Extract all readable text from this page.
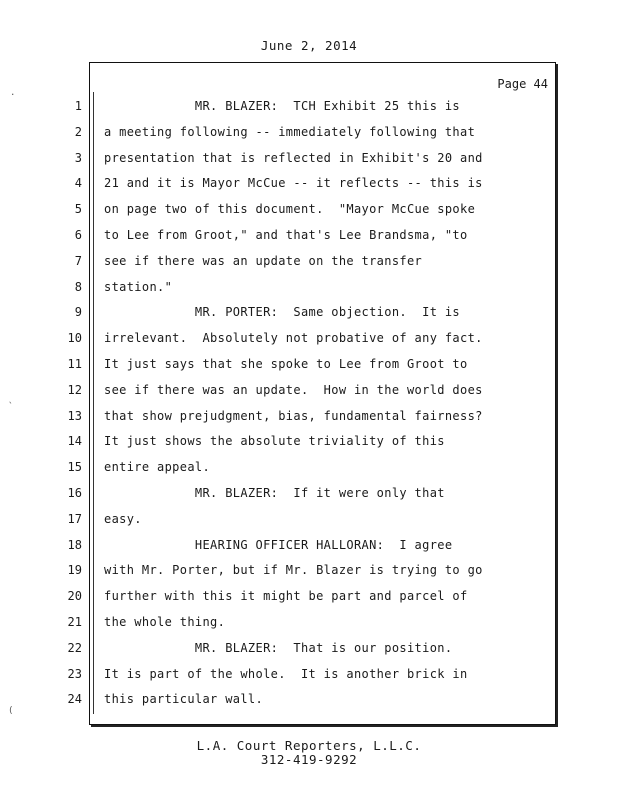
June 2, 2014
Page 44
1 MR. BLAZER:  TCH Exhibit 25 this is
2 a meeting following -- immediately following that
3 presentation that is reflected in Exhibit's 20 and
4 21 and it is Mayor McCue -- it reflects -- this is
5 on page two of this document.  "Mayor McCue spoke
6 to Lee from Groot," and that's Lee Brandsma, "to
7 see if there was an update on the transfer
8 station."
9 MR. PORTER:  Same objection.  It is
10 irrelevant.  Absolutely not probative of any fact.
11 It just says that she spoke to Lee from Groot to
12 see if there was an update.  How in the world does
13 that show prejudgment, bias, fundamental fairness?
14 It just shows the absolute triviality of this
15 entire appeal.
16 MR. BLAZER:  If it were only that
17 easy.
18 HEARING OFFICER HALLORAN:  I agree
19 with Mr. Porter, but if Mr. Blazer is trying to go
20 further with this it might be part and parcel of
21 the whole thing.
22 MR. BLAZER:  That is our position.
23 It is part of the whole.  It is another brick in
24 this particular wall.
L.A. Court Reporters, L.L.C.
312-419-9292
.
`
(
